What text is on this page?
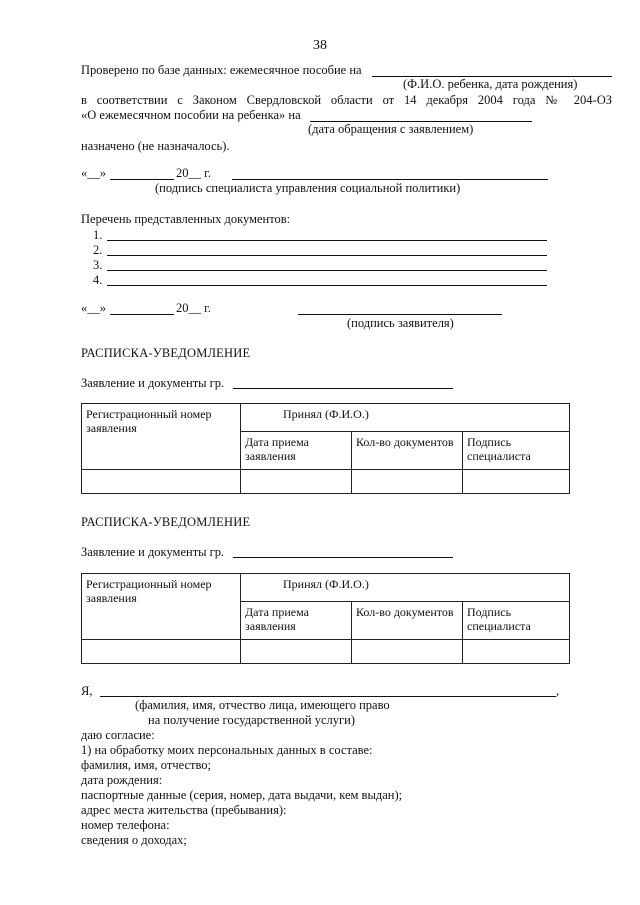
38
Проверено по базе данных: ежемесячное пособие на
(Ф.И.О. ребенка, дата рождения)
в соответствии с Законом Свердловской области от 14 декабря 2004 года № 204-ОЗ
«О ежемесячном пособии на ребенка» на
(дата обращения с заявлением)
назначено (не назначалось).
«__»	20__ г.
(подпись специалиста управления социальной политики)
Перечень представленных документов:
1.
2.
3.
4.
«__»	20__ г.
(подпись заявителя)
РАСПИСКА-УВЕДОМЛЕНИЕ
Заявление и документы гр.
Регистрационный номер заявления	Принял (Ф.И.О.)		
	Дата приема заявления	Кол-во документов	Подпись специалиста

РАСПИСКА-УВЕДОМЛЕНИЕ
Заявление и документы гр.
Регистрационный номер заявления	Принял (Ф.И.О.)		
	Дата приема заявления	Кол-во документов	Подпись специалиста

Я,	,
(фамилия, имя, отчество лица, имеющего право
на получение государственной услуги)
даю согласие:
1) на обработку моих персональных данных в составе:
фамилия, имя, отчество;
дата рождения:
паспортные данные (серия, номер, дата выдачи, кем выдан);
адрес места жительства (пребывания):
номер телефона:
сведения о доходах;
